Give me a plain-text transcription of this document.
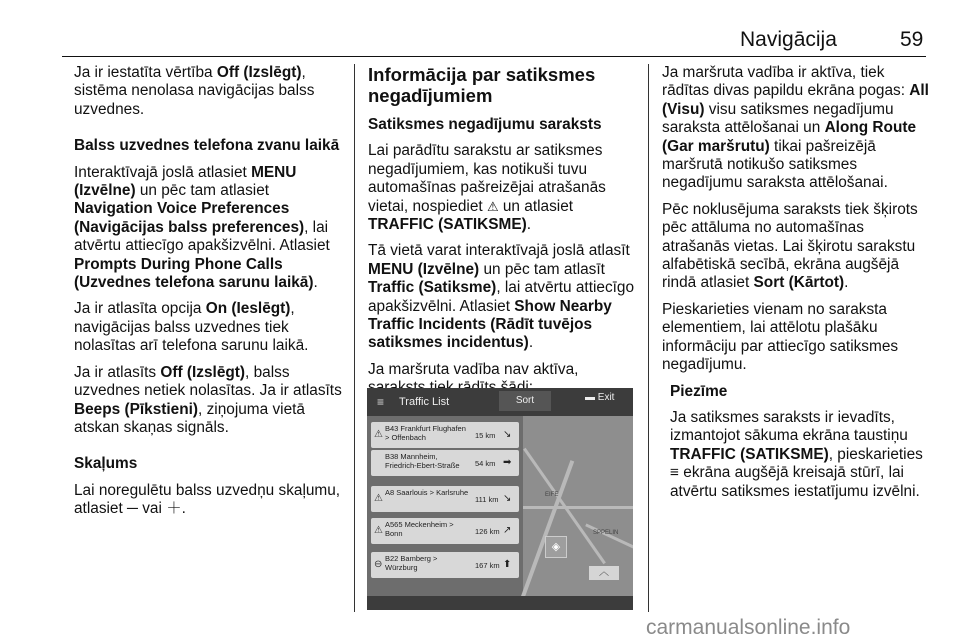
Navigācija	59

Ja ir iestatīta vērtība Off (Izslēgt), sistēma nenolasa navigācijas balss uzvednes.

Balss uzvednes telefona zvanu laikā

Interaktīvajā joslā atlasiet MENU (Izvēlne) un pēc tam atlasiet Navigation Voice Preferences (Navigācijas balss preferences), lai atvērtu attiecīgo apakšizvēlni. Atlasiet Prompts During Phone Calls (Uzvednes telefona sarunu laikā).

Ja ir atlasīta opcija On (Ieslēgt), navigācijas balss uzvednes tiek nolasītas arī telefona sarunu laikā.

Ja ir atlasīts Off (Izslēgt), balss uzvednes netiek nolasītas. Ja ir atlasīts Beeps (Pīkstieni), ziņojuma vietā atskan skaņas signāls.

Skaļums

Lai noregulētu balss uzvedņu skaļumu, atlasiet ─ vai ＋.

Informācija par satiksmes negadījumiem

Satiksmes negadījumu saraksts

Lai parādītu sarakstu ar satiksmes negadījumiem, kas notikuši tuvu automašīnas pašreizējai atrašanās vietai, nospiediet ⚠ un atlasiet TRAFFIC (SATIKSME).

Tā vietā varat interaktīvajā joslā atlasīt MENU (Izvēlne) un pēc tam atlasīt Traffic (Satiksme), lai atvērtu attiecīgo apakšizvēlni. Atlasiet Show Nearby Traffic Incidents (Rādīt tuvējos satiksmes incidentus).

Ja maršruta vadība nav aktīva,

EIFE
SPPELIN
≡ Traffic List	Sort	▬ Exit
⚠
B43 Frankfurt Flughafen > Offenbach	15 km ↘
B38 Mannheim, Friedrich-Ebert-Straße	54 km ➡
⚠
A8 Saarlouis > Karlsruhe
111 km ↘
⚠
A565 Meckenheim > Bonn	126 km ↗
⊖
B22 Bamberg > Würzburg	167 km ⬆
◈
︿

Ja maršruta vadība ir aktīva, tiek rādītas divas papildu ekrāna pogas: All (Visu) visu satiksmes negadījumu saraksta attēlošanai un Along Route (Gar maršrutu) tikai pašreizējā maršrutā notikušo satiksmes negadījumu saraksta attēlošanai.

Pēc noklusējuma saraksts tiek šķirots pēc attāluma no automašīnas atrašanās vietas. Lai šķirotu sarakstu alfabētiskā secībā, ekrāna augšējā rindā atlasiet Sort (Kārtot).

Pieskarieties vienam no saraksta elementiem, lai attēlotu plašāku informāciju par attiecīgo satiksmes negadījumu.

Piezīme

Ja satiksmes saraksts ir ievadīts, izmantojot sākuma ekrāna taustiņu TRAFFIC (SATIKSME), pieskarieties ≡ ekrāna augšējā kreisajā stūrī, lai atvērtu satiksmes iestatījumu izvēlni.

carmanualsonline.info
